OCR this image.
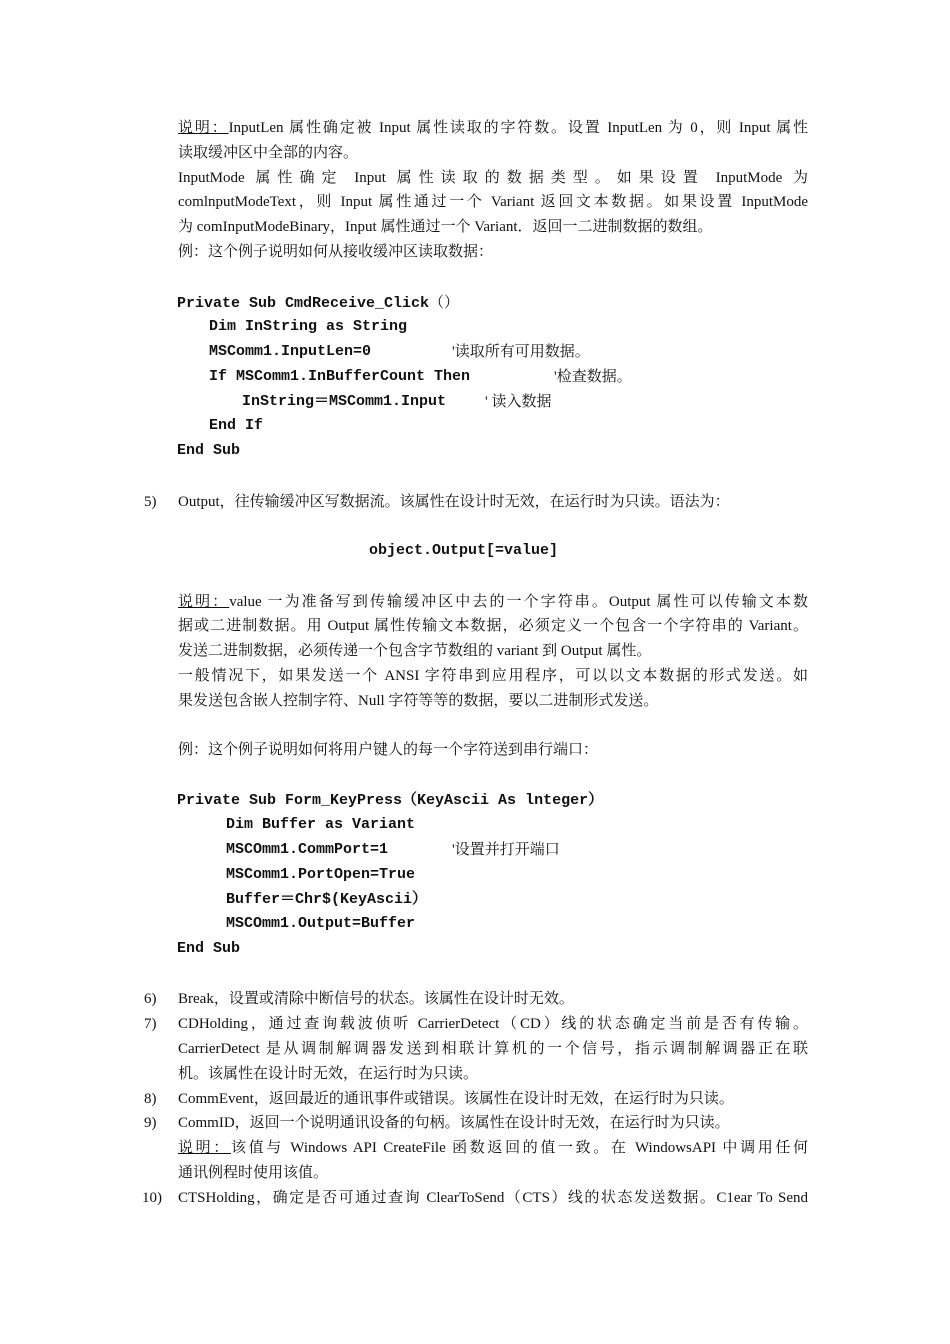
说明：InputLen 属性确定被 Input 属性读取的字符数。设置 InputLen 为 0，则 Input 属性
读取缓冲区中全部的内容。
InputMode 属性确定 Input 属性读取的数据类型。如果设置 InputMode 为
comlnputModeText，则 Input 属性通过一个 Variant 返回文本数据。如果设置 InputMode
为 comInputModeBinary，Input 属性通过一个 Variant．返回一二进制数据的数组。
例：这个例子说明如何从接收缓冲区读取数据：
Private Sub CmdReceive_Click（）
Dim InString as String
MSComm1.InputLen=0	'读取所有可用数据。
If MSComm1.InBufferCount Then	'检查数据。
InString＝MSComm1.Input	' 读入数据
End If
End Sub
5) Output，往传输缓冲区写数据流。该属性在设计时无效，在运行时为只读。语法为：
object.Output[=value]
说明：value 一为准备写到传输缓冲区中去的一个字符串。Output 属性可以传输文本数
据或二进制数据。用 Output 属性传输文本数据，必须定义一个包含一个字符串的 Variant。
发送二进制数据，必须传递一个包含字节数组的 variant 到 Output 属性。
一般情况下，如果发送一个 ANSI 字符串到应用程序，可以以文本数据的形式发送。如
果发送包含嵌人控制字符、Null 字符等等的数据，要以二进制形式发送。
例：这个例子说明如何将用户键人的每一个字符送到串行端口：
Private Sub Form_KeyPress（KeyAscii As lnteger）
Dim Buffer as Variant
MSCOmm1.CommPort=1	'设置并打开端口
MSComm1.PortOpen=True
Buffer＝Chr$(KeyAscii）
MSCOmm1.Output=Buffer
End Sub
6) Break，设置或清除中断信号的状态。该属性在设计时无效。
7) CDHolding，通过查询载波侦听 CarrierDetect（CD）线的状态确定当前是否有传输。
CarrierDetect 是从调制解调器发送到相联计算机的一个信号，指示调制解调器正在联
机。该属性在设计时无效，在运行时为只读。
8) CommEvent，返回最近的通讯事件或错误。该属性在设计时无效，在运行时为只读。
9) CommID，返回一个说明通讯设备的句柄。该属性在设计时无效，在运行时为只读。
说明：该值与 Windows API CreateFile 函数返回的值一致。在 WindowsAPI 中调用任何
通讯例程时使用该值。
10) CTSHolding，确定是否可通过查询 ClearToSend（CTS）线的状态发送数据。C1ear To Send
